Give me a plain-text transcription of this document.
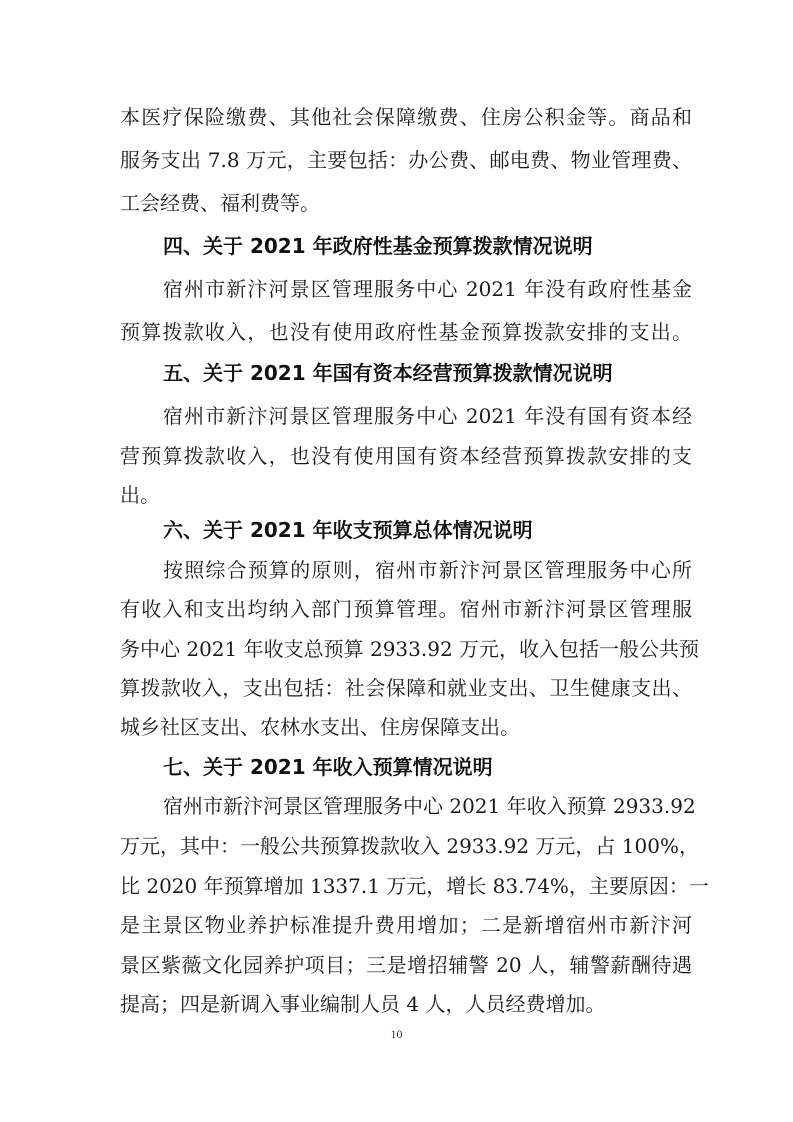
本医疗保险缴费、其他社会保障缴费、住房公积金等。商品和
服务支出 7.8 万元，主要包括：办公费、邮电费、物业管理费、
工会经费、福利费等。
四、关于 2021 年政府性基金预算拨款情况说明
宿州市新汴河景区管理服务中心 2021 年没有政府性基金
预算拨款收入，也没有使用政府性基金预算拨款安排的支出。
五、关于 2021 年国有资本经营预算拨款情况说明
宿州市新汴河景区管理服务中心 2021 年没有国有资本经
营预算拨款收入，也没有使用国有资本经营预算拨款安排的支
出。
六、关于 2021 年收支预算总体情况说明
按照综合预算的原则，宿州市新汴河景区管理服务中心所
有收入和支出均纳入部门预算管理。宿州市新汴河景区管理服
务中心 2021 年收支总预算 2933.92 万元，收入包括一般公共预
算拨款收入，支出包括：社会保障和就业支出、卫生健康支出、
城乡社区支出、农林水支出、住房保障支出。
七、关于 2021 年收入预算情况说明
宿州市新汴河景区管理服务中心 2021 年收入预算 2933.92
万元，其中：一般公共预算拨款收入 2933.92 万元，占 100%，
比 2020 年预算增加 1337.1 万元，增长 83.74%，主要原因：一
是主景区物业养护标准提升费用增加；二是新增宿州市新汴河
景区紫薇文化园养护项目；三是增招辅警 20 人，辅警薪酬待遇
提高；四是新调入事业编制人员 4 人，人员经费增加。
10
